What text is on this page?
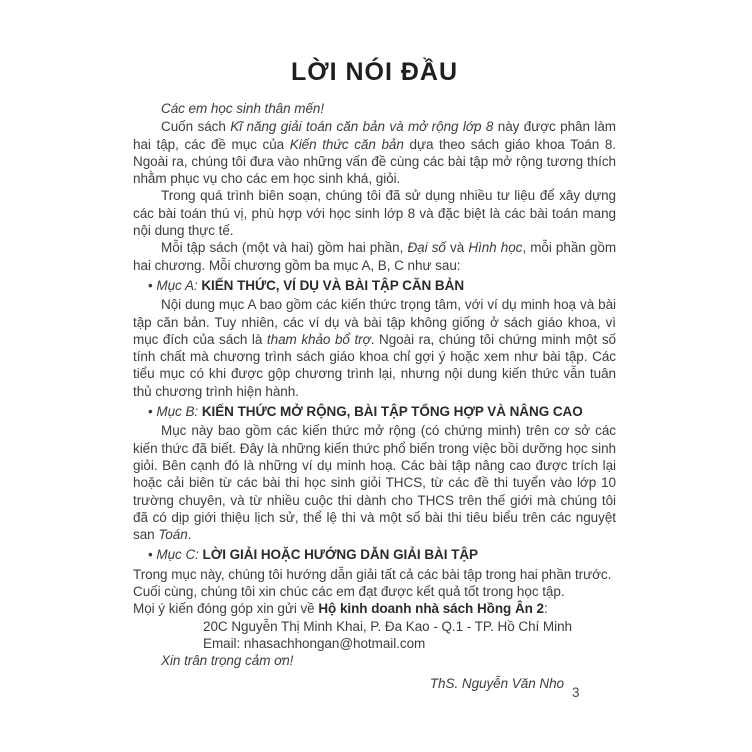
LỜI NÓI ĐẦU

Các em học sinh thân mến!

Cuốn sách Kĩ năng giải toán căn bản và mở rộng lớp 8 này được phân làm hai tập, các đề mục của Kiến thức căn bản dựa theo sách giáo khoa Toán 8. Ngoài ra, chúng tôi đưa vào những vấn đề cùng các bài tập mở rộng tương thích nhằm phục vụ cho các em học sinh khá, giỏi.

Trong quá trình biên soạn, chúng tôi đã sử dụng nhiều tư liệu để xây dựng các bài toán thú vị, phù hợp với học sinh lớp 8 và đặc biệt là các bài toán mang nội dung thực tế.

Mỗi tập sách (một và hai) gồm hai phần, Đại số và Hình học, mỗi phần gồm hai chương. Mỗi chương gồm ba mục A, B, C như sau:

• Mục A: KIẾN THỨC, VÍ DỤ VÀ BÀI TẬP CĂN BẢN

Nội dung mục A bao gồm các kiến thức trọng tâm, với ví dụ minh hoạ và bài tập căn bản. Tuy nhiên, các ví dụ và bài tập không giống ở sách giáo khoa, vì mục đích của sách là tham khảo bổ trợ. Ngoài ra, chúng tôi chứng minh một số tính chất mà chương trình sách giáo khoa chỉ gợi ý hoặc xem như bài tập. Các tiểu mục có khi được gộp chương trình lại, nhưng nội dung kiến thức vẫn tuân thủ chương trình hiện hành.

• Mục B: KIẾN THỨC MỞ RỘNG, BÀI TẬP TỔNG HỢP VÀ NÂNG CAO

Mục này bao gồm các kiến thức mở rộng (có chứng minh) trên cơ sở các kiến thức đã biết. Đây là những kiến thức phổ biến trong việc bồi dưỡng học sinh giỏi. Bên cạnh đó là những ví dụ minh hoạ. Các bài tập nâng cao được trích lại hoặc cải biên từ các bài thi học sinh giỏi THCS, từ các đề thi tuyển vào lớp 10 trường chuyên, và từ nhiều cuộc thi dành cho THCS trên thế giới mà chúng tôi đã có dịp giới thiệu lịch sử, thể lệ thi và một số bài thi tiêu biểu trên các nguyệt san Toán.

• Mục C: LỜI GIẢI HOẶC HƯỚNG DẪN GIẢI BÀI TẬP

Trong mục này, chúng tôi hướng dẫn giải tất cả các bài tập trong hai phần trước.

Cuối cùng, chúng tôi xin chúc các em đạt được kết quả tốt trong học tập.

Mọi ý kiến đóng góp xin gửi về Hộ kinh doanh nhà sách Hồng Ân 2:

20C Nguyễn Thị Minh Khai, P. Đa Kao - Q.1 - TP. Hồ Chí Minh

Email: nhasachhongan@hotmail.com

Xin trân trọng cảm ơn!

ThS. Nguyễn Văn Nho

3
